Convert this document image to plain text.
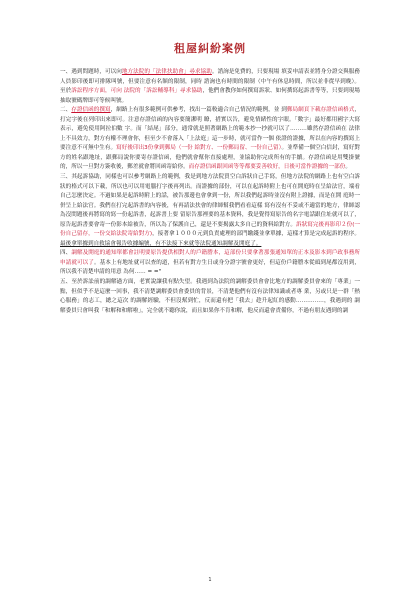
租屋糾紛案例

一、遇到問題時，可以向地方法院的「法律扶助會」尋求協助。諮詢是免費的，只要現場 填妥申請表並將身分證交與服務人員影印後即可排隊叫號，但要注意有名額的限制，同時 諮詢也有時間的限制（中午有休息時間，所以並非從早到晚）。至於訴訟程序方面，可向 法院的「訴訟輔導科」尋求協助，他們會教你如何撰寫訴狀、如何撰寫起訴書等等，只要到現場抽取號碼牌即可等候叫號。

二、存證信函的撰寫，網路上有很多範例可供參考，找出一篇較適合自己情況的範例，並 到郵局網頁下載存證信函格式，打完字後在列印出來即可。注意存證信函的內容要簡潔明 瞭，措實以告，避免情緒性的字眼。「數字」最好都用國字大寫表示，避免使用阿拉伯數 字。而「結尾」部分，通常就是照著網路上的範本抄一抄就可以了………雖然存證信函在 法律上不具效力，對方有權不理會你，但至少不會落入「上法庭」這一步時，就可當作一個 依證的證據，所以在內容的撰寫上要注意不可無中生有。寫好後印出3份拿到郵局（一份 給對方、一份郵局留、一份自己留）。並準備一個空白信封，寫好對方的姓名跟地址，跟郵局說你要寄存證信函，他們就會幫你直接處理，並協助你完成所有的手續。存證信函是用雙掛號的，所以一旦對方簽收後，郵差就會將回函寄給你。而存證信函跟回函等等都要妥善收好，日後可當作證據的一部份。

三、其起訴協助，同樣也可以參考網路上的範例，我是到地方法院買空白訴狀自己手寫，但地方法院的網路上也有空白訴狀的格式可以下載，所以也可以用電腦打字後再列出。而證據的部份，可以在起訴時附上也可在開庭時在呈給法官，端看自己怎麼決定。不過如果是起訴時附上的話，被告那邊也會拿到一份，所以我們起訴時並沒有附上證據，而是在開 庭時一併呈上給法官。我們在打完起訴書的內容後，有再請法扶會的律師幫我們看看這樣 寫有沒有不妥或不適當的地方，律師認為沒問題後再將寫的寫一份起訴書，起訴書上要 留原告那裡要的基本資料，我是覺得寫原告的名字電話跟住址就可以了，原告起訴書要會寄一份影本給被告，所以為了保護自己，還是不要揭露太多自己的資料給對方。訴狀寫完後再影印２份(一份自己留存，一份交給法院寄給對方)，接著拿１０００元到負責處理的部門繳錢並拿單據，這樣才算是完成起訴的程序。最後拿單據到自救協會報告收據編號，有不法接下來就等法院通知調解及開庭了。

四、調解及開庭的通知單都會註明要原告提供相對人的戶籍謄本，這部份只要拿著那張通知單的正本及影本到戶政事務所申請就可以了。基本上有地址就可以查的道，但若有對方生日或身分證字號會更好，但這份戶籍謄本從頭到尾都沒用到，所以我不清楚申請的用意 為何…… = ="

五、至於訴訟前的調解過方面，老實說讓我有點失望。我遇到為法院的調解委員會會比地方的調解委員會來的「專業」一點，但似乎不是這麼一回事，我不清楚調解委員會委員的背景，不清楚他們有沒有法律知識或者專 業，另或只是一群「熱心服務」的志工，總之這次 的調解經驗，不但沒幫到忙，反而還有把「我去」趁升起紅的感動……………，我遇到的 調解委員只會叫我「和解和和解啦」，完全就不聽你說，而且如果你不肯和解，他反而還會責備你，不過有朋友遇到的調

1
